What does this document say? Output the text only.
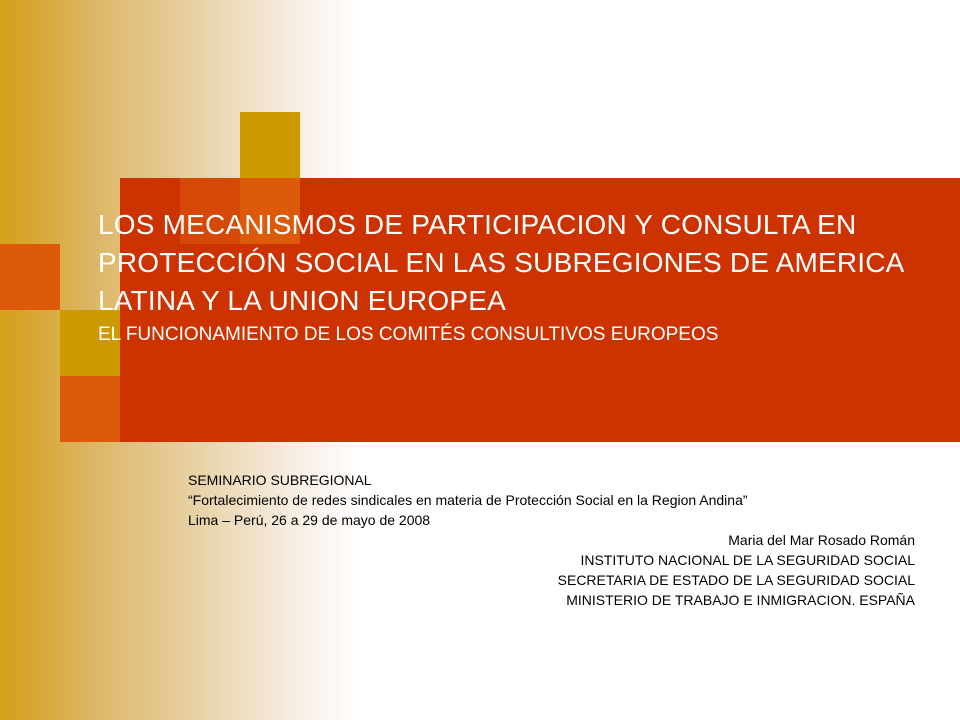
LOS MECANISMOS DE PARTICIPACION Y CONSULTA EN PROTECCIÓN SOCIAL EN LAS SUBREGIONES DE AMERICA LATINA Y LA UNION EUROPEA

EL FUNCIONAMIENTO DE LOS COMITÉS CONSULTIVOS EUROPEOS

SEMINARIO SUBREGIONAL
“Fortalecimiento de redes sindicales en materia de Protección Social en la Region Andina”
Lima – Perú, 26 a 29 de mayo de 2008
Maria del Mar Rosado Román
INSTITUTO NACIONAL DE LA SEGURIDAD SOCIAL
SECRETARIA DE ESTADO DE LA SEGURIDAD SOCIAL
MINISTERIO DE TRABAJO E INMIGRACION. ESPAÑA
